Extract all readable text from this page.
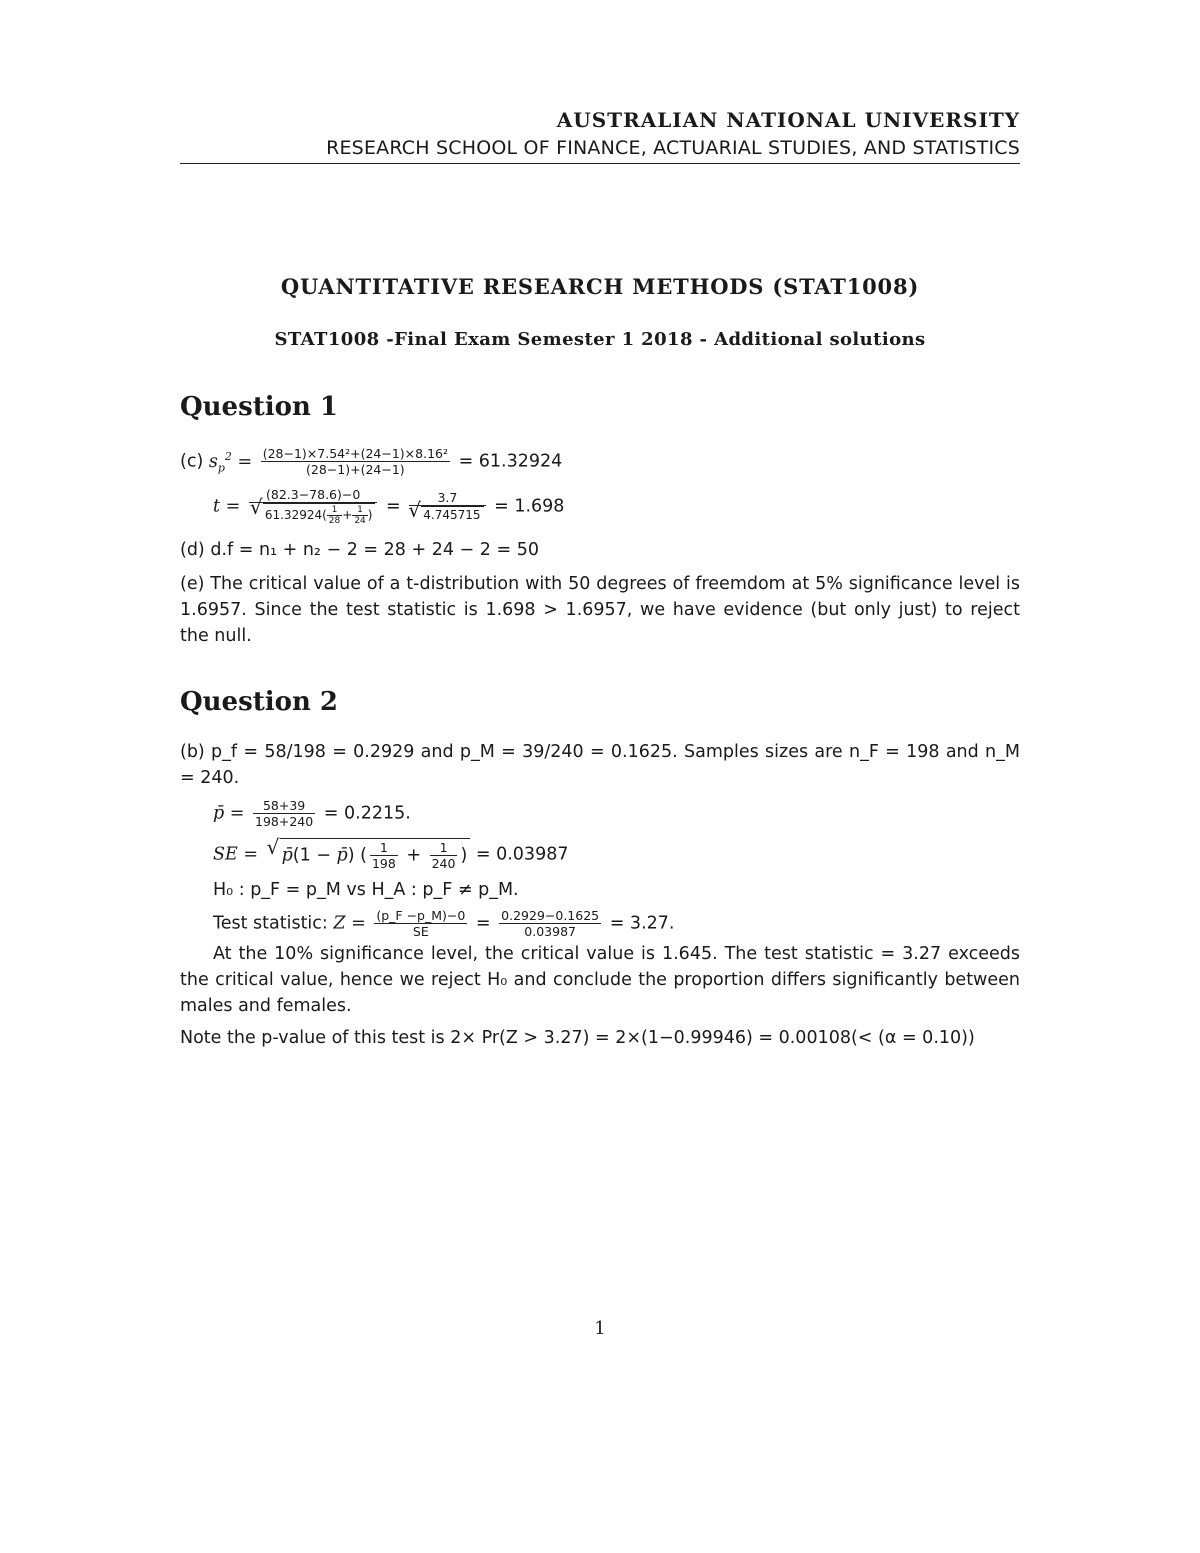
AUSTRALIAN NATIONAL UNIVERSITY
RESEARCH SCHOOL OF FINANCE, ACTUARIAL STUDIES, AND STATISTICS
QUANTITATIVE RESEARCH METHODS (STAT1008)
STAT1008 -Final Exam Semester 1 2018 - Additional solutions
Question 1
(c) $s_p^2 = \frac{\text{(28−1)×7.54²+(24−1)×8.16²}}{(28-1)+(24-1)} = 61.32924$
t = (82.3−78.6)−0
√ $61.32924( \frac{1}{28} + \frac{1}{24}$ ) = 3.7
√ 4.745715 = 1.698
(d) d.f = n₁ + n₂ − 2 = 28 + 24 − 2 = 50
(e) The critical value of a t-distribution with 50 degrees of freemdom at 5% significance level is 1.6957. Since the test statistic is 1.698 > 1.6957, we have evidence (but only just) to reject the null.
Question 2
(b) p_f = 58/198 = 0.2929 and p_M = 39/240 = 0.1625. Samples sizes are n_F = 198 and n_M = 240.
p̄ = $\frac{58+39}{198+240} = 0.2215$.
SE = √ p̄(1 − p̄) ( $\frac{1}{198} + \frac{1}{240}$ ) = 0.03987
H₀ : p_F = p_M vs H_A : p_F ≠ p_M.
Test statistic: $Z = \frac{(p\_F -p\_M)-0}{SE} = \frac{0.2929-0.1625}{0.03987} = 3.27$.
At the 10% significance level, the critical value is 1.645. The test statistic = 3.27 exceeds the critical value, hence we reject H₀ and conclude the proportion differs significantly between males and females.
Note the p-value of this test is 2× Pr(Z > 3.27) = 2×(1−0.99946) = 0.00108(< (α = 0.10))
1
